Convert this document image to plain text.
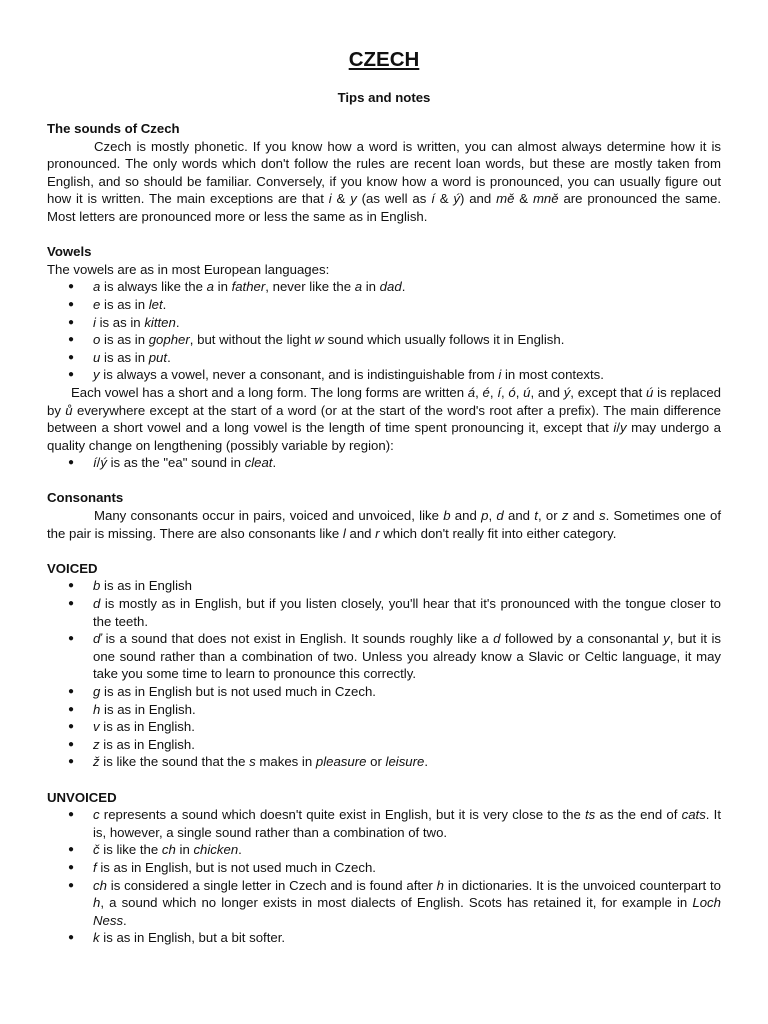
CZECH
Tips and notes
The sounds of Czech

Czech is mostly phonetic. If you know how a word is written, you can almost always determine how it is pronounced. The only words which don't follow the rules are recent loan words, but these are mostly taken from English, and so should be familiar. Conversely, if you know how a word is pronounced, you can usually figure out how it is written. The main exceptions are that i & y (as well as í & ý) and mě & mně are pronounced the same. Most letters are pronounced more or less the same as in English.

Vowels

The vowels are as in most European languages:

● a is always like the a in father, never like the a in dad.
● e is as in let.
● i is as in kitten.
● o is as in gopher, but without the light w sound which usually follows it in English.
● u is as in put.
● y is always a vowel, never a consonant, and is indistinguishable from i in most contexts.

Each vowel has a short and a long form. The long forms are written á, é, í, ó, ú, and ý, except that ú is replaced by ů everywhere except at the start of a word (or at the start of the word's root after a prefix). The main difference between a short vowel and a long vowel is the length of time spent pronouncing it, except that i/y may undergo a quality change on lengthening (possibly variable by region):

● í/ý is as the "ea" sound in cleat.
Consonants

Many consonants occur in pairs, voiced and unvoiced, like b and p, d and t, or z and s. Sometimes one of the pair is missing. There are also consonants like l and r which don't really fit into either category.

VOICED
● b is as in English
● d is mostly as in English, but if you listen closely, you'll hear that it's pronounced with the tongue closer to the teeth.
● ď is a sound that does not exist in English. It sounds roughly like a d followed by a consonantal y, but it is one sound rather than a combination of two. Unless you already know a Slavic or Celtic language, it may take you some time to learn to pronounce this correctly.
● g is as in English but is not used much in Czech.
● h is as in English.
● v is as in English.
● z is as in English.
● ž is like the sound that the s makes in pleasure or leisure.
UNVOICED
● c represents a sound which doesn't quite exist in English, but it is very close to the ts as the end of cats. It is, however, a single sound rather than a combination of two.
● č is like the ch in chicken.
● f is as in English, but is not used much in Czech.
● ch is considered a single letter in Czech and is found after h in dictionaries. It is the unvoiced counterpart to h, a sound which no longer exists in most dialects of English. Scots has retained it, for example in Loch Ness.
● k is as in English, but a bit softer.
